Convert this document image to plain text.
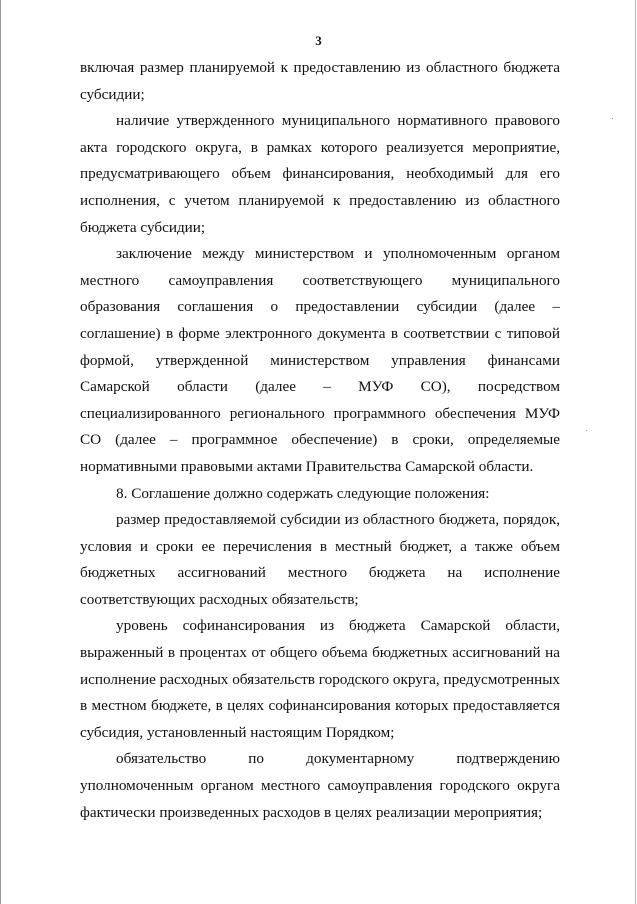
3

включая размер планируемой к предоставлению из областного бюджета субсидии;

наличие утвержденного муниципального нормативного правового акта городского округа, в рамках которого реализуется мероприятие, предусматривающего объем финансирования, необходимый для его исполнения, с учетом планируемой к предоставлению из областного бюджета субсидии;

заключение между министерством и уполномоченным органом местного самоуправления соответствующего муниципального образования соглашения о предоставлении субсидии (далее – соглашение) в форме электронного документа в соответствии с типовой формой, утвержденной министерством управления финансами Самарской области (далее – МУФ СО), посредством специализированного регионального программного обеспечения МУФ СО (далее – программное обеспечение) в сроки, определяемые нормативными правовыми актами Правительства Самарской области.

8. Соглашение должно содержать следующие положения:

размер предоставляемой субсидии из областного бюджета, порядок, условия и сроки ее перечисления в местный бюджет, а также объем бюджетных ассигнований местного бюджета на исполнение соответствующих расходных обязательств;

уровень софинансирования из бюджета Самарской области, выраженный в процентах от общего объема бюджетных ассигнований на исполнение расходных обязательств городского округа, предусмотренных в местном бюджете, в целях софинансирования которых предоставляется субсидия, установленный настоящим Порядком;

обязательство по документарному подтверждению уполномоченным органом местного самоуправления городского округа фактически произведенных расходов в целях реализации мероприятия;
